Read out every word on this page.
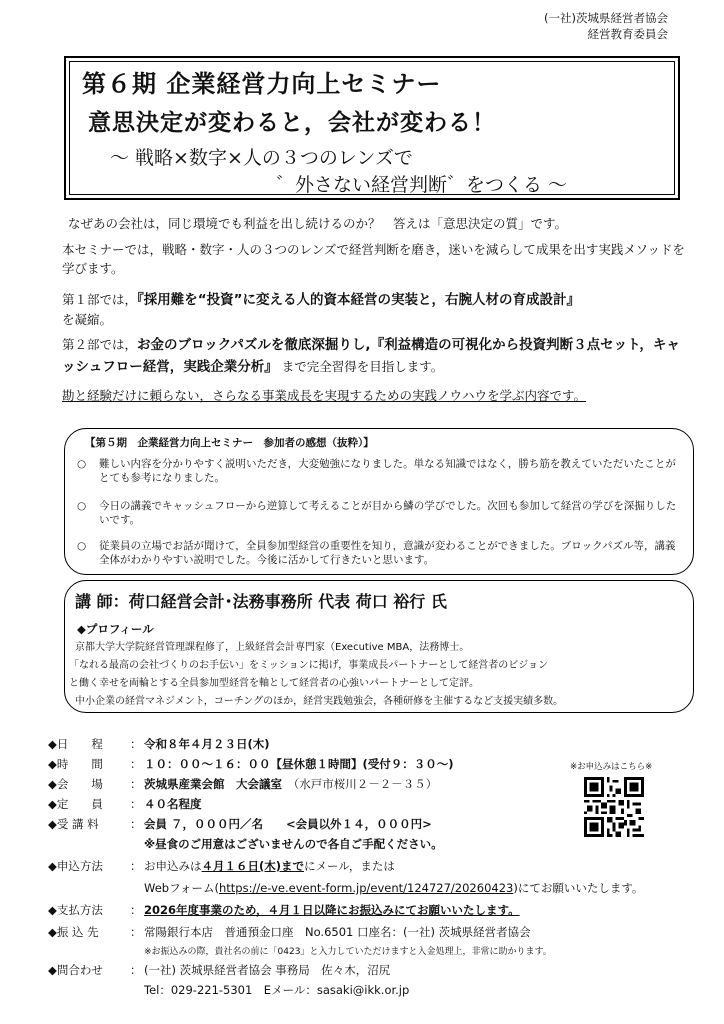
(一社)茨城県経営者協会
経営教育委員会
第６期 企業経営力向上セミナー
意思決定が変わると，会社が変わる！
～ 戦略×数字×人の３つのレンズで
゛外さない経営判断゛をつくる ～
なぜあの会社は，同じ環境でも利益を出し続けるのか？　答えは「意思決定の質」です。
本セミナーでは，戦略・数字・人の３つのレンズで経営判断を磨き，迷いを減らして成果を出す実践メソッドを学びます。
第１部では，『採用難を“投資”に変える人的資本経営の実装と，右腕人材の育成設計』
を凝縮。
第２部では，お金のブロックパズルを徹底深掘りし,『利益構造の可視化から投資判断３点セット，キャッシュフロー経営，実践企業分析』 まで完全習得を目指します。
勘と経験だけに頼らない，さらなる事業成長を実現するための実践ノウハウを学ぶ内容です。
【第５期　企業経営力向上セミナー　参加者の感想（抜粋）】
○ 難しい内容を分かりやすく説明いただき，大変勉強になりました。単なる知識ではなく，勝ち筋を教えていただいたことがとても参考になりました。
○ 今日の講義でキャッシュフローから逆算して考えることが目から鱗の学びでした。次回も参加して経営の学びを深掘りしたいです。
○ 従業員の立場でお話が聞けて，全員参加型経営の重要性を知り，意識が変わることができました。ブロックパズル等，講義全体がわかりやすい説明でした。今後に活かして行きたいと思います。
講 師：荷口経営会計･法務事務所 代表 荷口 裕行 氏
◆プロフィール
京都大学大学院経営管理課程修了，上級経営会計専門家（Executive MBA，法務博士。
「なれる最高の会社づくりのお手伝い」をミッションに掲げ，事業成長パートナーとして経営者のビジョン
と働く幸せを両輪とする全員参加型経営を軸として経営者の心強いパートナーとして定評。
中小企業の経営マネジメント，コーチングのほか，経営実践勉強会，各種研修を主催するなど支援実績多数。
◆日　　程 ： 令和８年４月２３日(木)
◆時　　間 ： １０：００～１６：００【昼休憩１時間】(受付９：３０～)
◆会　　場 ： 茨城県産業会館　大会議室　 （水戸市桜川２－２－３５）
◆定　　員 ： ４０名程度
◆受 講 料	： 会員 ７，０００円／名　　<会員以外１４，０００円>
※昼食のご用意はございませんので各自ご手配ください。
◆申込方法 ： お申込みは４月１６日(木)までにメール，または
Webフォーム(https://e-ve.event-form.jp/event/124727/20260423)にてお願いいたします。
◆支払方法 ： 2026年度事業のため，４月１日以降にお振込みにてお願いいたします。
◆振 込 先	： 常陽銀行本店　普通預金口座　No.6501 口座名：(一社) 茨城県経営者協会
※お振込みの際，貴社名の前に「0423」と入力していただけますと入金処理上，非常に助かります。
◆問合わせ ： (一社) 茨城県経営者協会 事務局　佐々木，沼尻
Tel：029-221-5301　Eメール：sasaki@ikk.or.jp
※お申込みはこちら※
